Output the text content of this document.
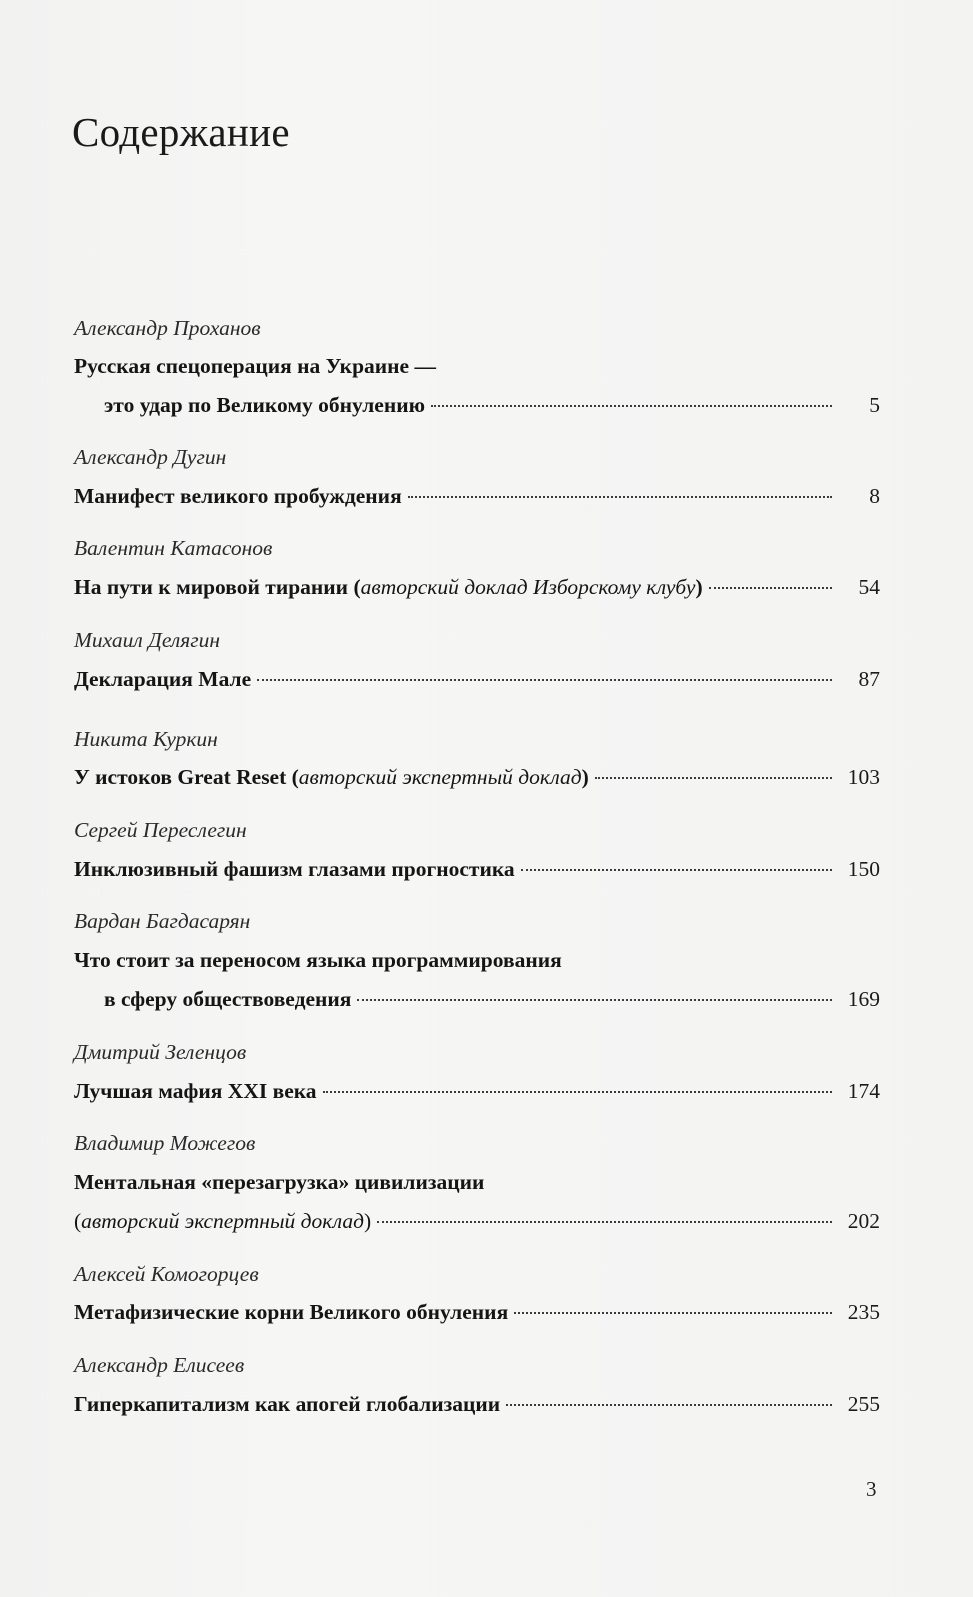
Содержание
Александр Проханов
Русская спецоперация на Украине —
это удар по Великому обнулению	5
Александр Дугин
Манифест великого пробуждения	8
Валентин Катасонов
На пути к мировой тирании (авторский доклад Изборскому клубу)	54
Михаил Делягин
Декларация Мале	87
Никита Куркин
У истоков Great Reset (авторский экспертный доклад)	103
Сергей Переслегин
Инклюзивный фашизм глазами прогностика	150
Вардан Багдасарян
Что стоит за переносом языка программирования
в сферу обществоведения	169
Дмитрий Зеленцов
Лучшая мафия XXI века	174
Владимир Можегов
Ментальная «перезагрузка» цивилизации
(авторский экспертный доклад)	202
Алексей Комогорцев
Метафизические корни Великого обнуления	235
Александр Елисеев
Гиперкапитализм как апогей глобализации	255
3
